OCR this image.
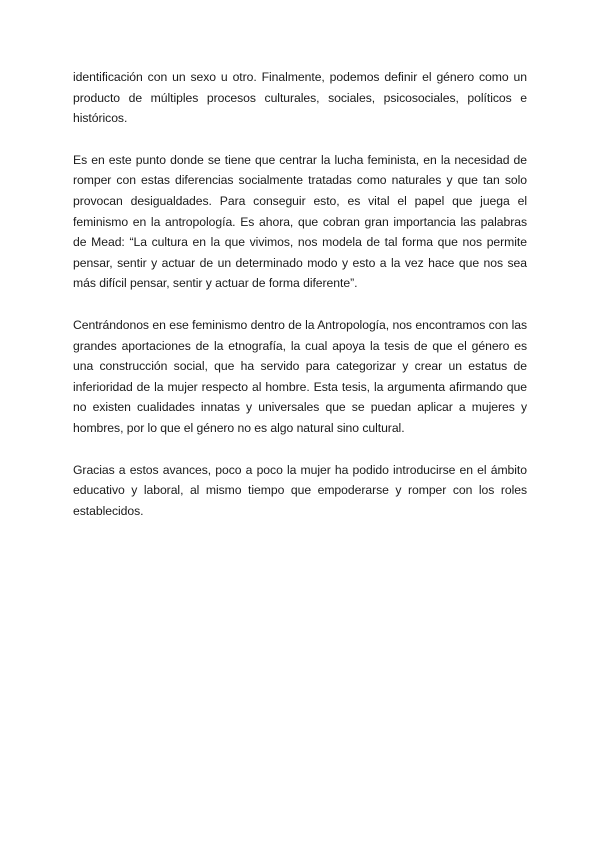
identificación con un sexo u otro. Finalmente, podemos definir el género como un producto de múltiples procesos culturales, sociales, psicosociales, políticos e históricos.

Es en este punto donde se tiene que centrar la lucha feminista, en la necesidad de romper con estas diferencias socialmente tratadas como naturales y que tan solo provocan desigualdades. Para conseguir esto, es vital el papel que juega el feminismo en la antropología. Es ahora, que cobran gran importancia las palabras de Mead: “La cultura en la que vivimos, nos modela de tal forma que nos permite pensar, sentir y actuar de un determinado modo y esto a la vez hace que nos sea más difícil pensar, sentir y actuar de forma diferente”.

Centrándonos en ese feminismo dentro de la Antropología, nos encontramos con las grandes aportaciones de la etnografía, la cual apoya la tesis de que el género es una construcción social, que ha servido para categorizar y crear un estatus de inferioridad de la mujer respecto al hombre. Esta tesis, la argumenta afirmando que no existen cualidades innatas y universales que se puedan aplicar a mujeres y hombres, por lo que el género no es algo natural sino cultural.

Gracias a estos avances, poco a poco la mujer ha podido introducirse en el ámbito educativo y laboral, al mismo tiempo que empoderarse y romper con los roles establecidos.
